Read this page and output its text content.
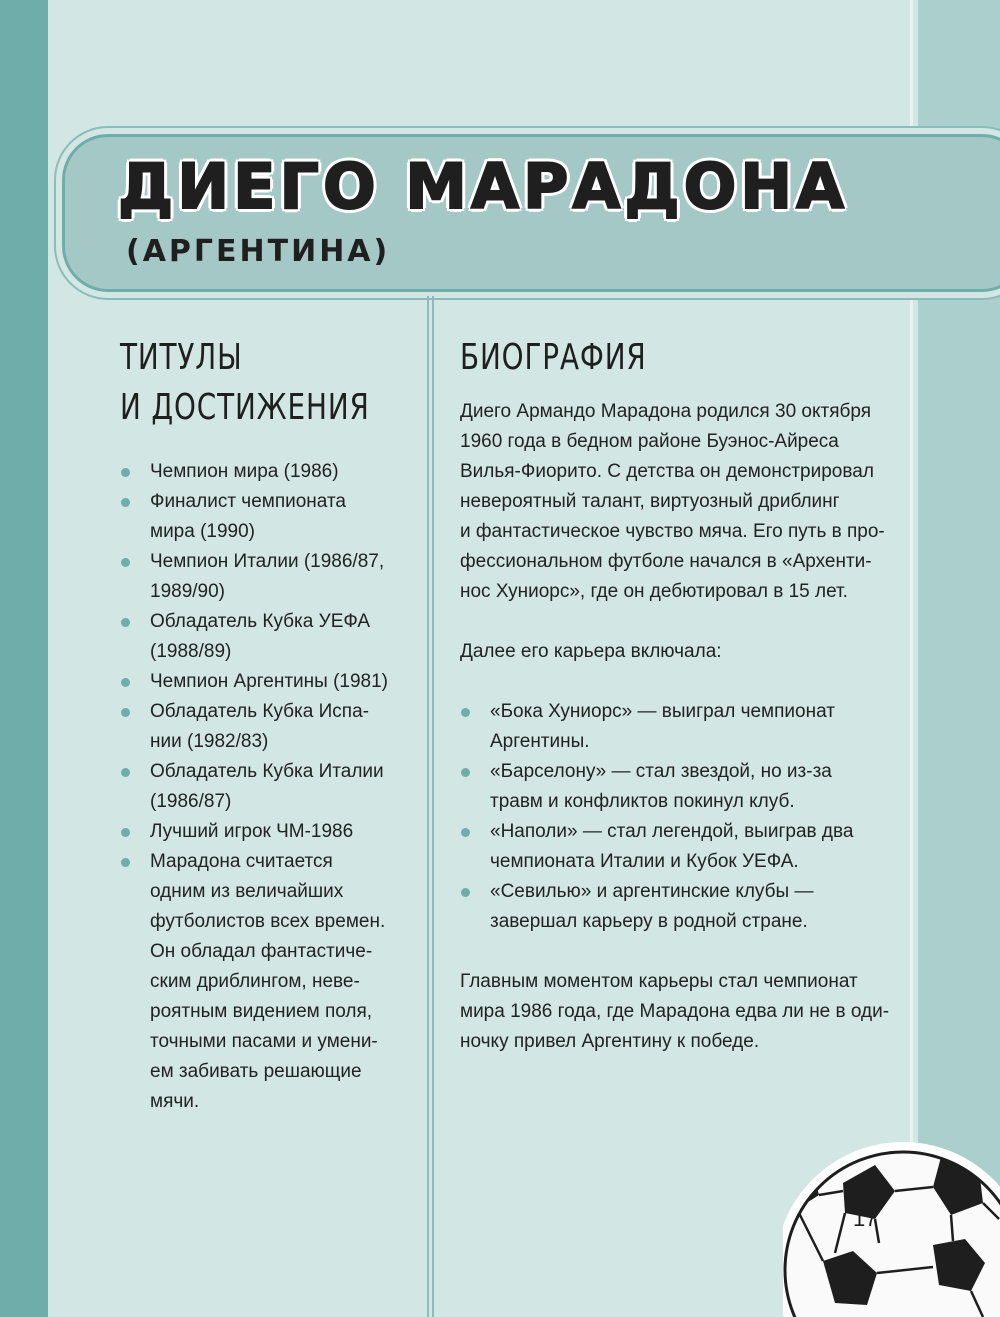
ДИЕГО МАРАДОНА
(АРГЕНТИНА)
ТИТУЛЫ
И ДОСТИЖЕНИЯ
Чемпион мира (1986)
Финалист чемпионата
мира (1990)
Чемпион Италии (1986/87,
1989/90)
Обладатель Кубка УЕФА
(1988/89)
Чемпион Аргентины (1981)
Обладатель Кубка Испа-
нии (1982/83)
Обладатель Кубка Италии
(1986/87)
Лучший игрок ЧМ-1986
Марадона считается
одним из величайших
футболистов всех времен.
Он обладал фантастиче-
ским дриблингом, неве-
роятным видением поля,
точными пасами и умени-
ем забивать решающие
мячи.
БИОГРАФИЯ

Диего Армандо Марадона родился 30 октября
1960 года в бедном районе Буэнос-Айреса
Вилья-Фиорито. С детства он демонстрировал
невероятный талант, виртуозный дриблинг
и фантастическое чувство мяча. Его путь в про-
фессиональном футболе начался в «Архенти-
нос Хуниорс», где он дебютировал в 15 лет.

Далее его карьера включала:

«Бока Хуниорс» — выиграл чемпионат
Аргентины.
«Барселону» — стал звездой, но из-за
травм и конфликтов покинул клуб.
«Наполи» — стал легендой, выиграв два
чемпионата Италии и Кубок УЕФА.
«Севилью» и аргентинские клубы —
завершал карьеру в родной стране.

Главным моментом карьеры стал чемпионат
мира 1986 года, где Марадона едва ли не в оди-
ночку привел Аргентину к победе.

17
